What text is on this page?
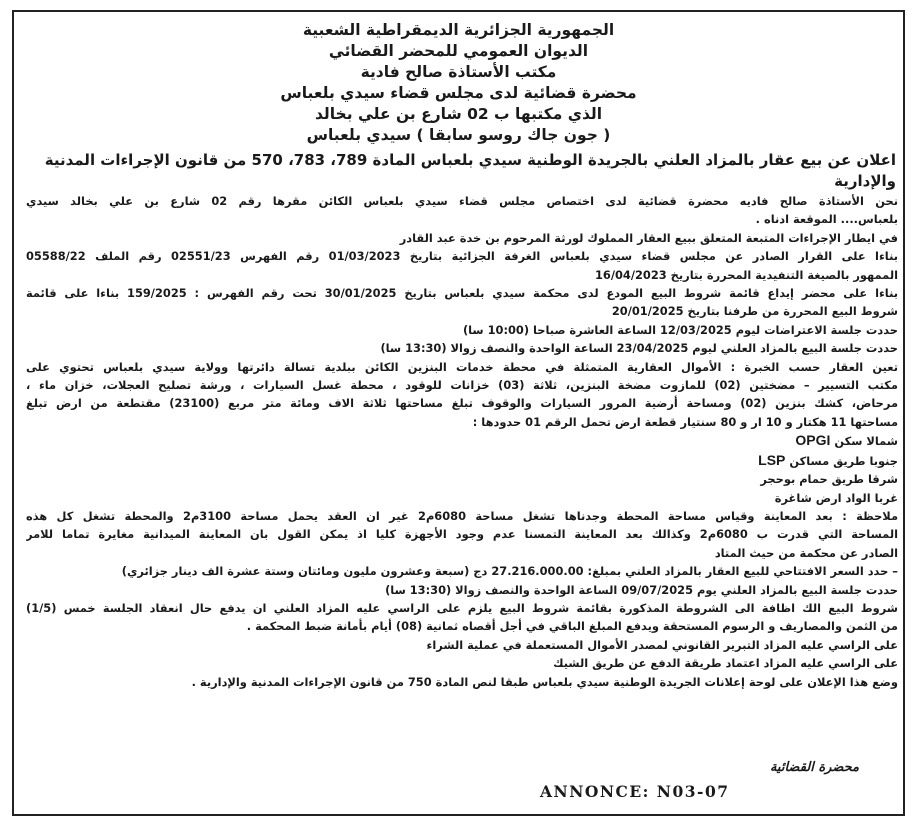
الجمهورية الجزائرية الديمقراطية الشعبية
الديوان العمومي للمحضر القضائي
مكتب الأستاذة صالح فادية
محضرة قضائية لدى مجلس قضاء سيدي بلعباس
الذي مكتبها ب 02 شارع بن علي بخالد
( جون جاك روسو سابقا ) سيدي بلعباس
اعلان عن بيع عقار بالمزاد العلني بالجريدة الوطنية سيدي بلعباس المادة 789، 783، 570 من قانون الإجراءات المدنية والإدارية
نحن الأستاذة صالح فاديه محضرة قضائية لدى اختصاص مجلس قضاء سيدي بلعباس الكائن مقرها رقم 02 شارع بن علي بخالد سيدي
بلعباس.... الموقعة ادناه .
في ايطار الإجراءات المتبعة المتعلق ببيع العقار المملوك لورثة المرحوم بن خدة عبد القادر
بناءا على القرار الصادر عن مجلس قضاء سيدي بلعباس الغرفة الجزائية بتاريخ 01/03/2023 رقم الفهرس 02551/23 رقم الملف 05588/22
الممهور بالصيغة التنفيدية المحررة بتاريخ 16/04/2023
بناءا على محضر إيداع قائمة شروط البيع المودع لدى محكمة سيدي بلعباس بتاريخ 30/01/2025 تحت رقم الفهرس : 159/2025 بناءا على قائمة
شروط البيع المحررة من طرفنا بتاريخ 20/01/2025
حددت جلسة الاعتراضات ليوم 12/03/2025 الساعة العاشرة صباحا (10:00 سا)
حددت جلسة البيع بالمزاد العلني ليوم 23/04/2025 الساعة الواحدة والنصف زوالا (13:30 سا)
تعين العقار حسب الخبرة : الأموال العقارية المتمثلة في محطة خدمات البنزين الكائن ببلدية تسالة دائرتها وولاية سيدي بلعباس تحتوي على
مكتب التسيير – مضختين (02) للمازوت مضخة البنزين، ثلاثة (03) خزانات للوقود ، محطة غسل السيارات ، ورشة تصليح العجلات، خزان ماء ،
مرحاض، كشك بنزين (02) ومساحة أرضية المرور السيارات والوقوف تبلغ مساحتها ثلاثة الاف ومائة متر مربع (23100) مقتطعة من ارض تبلغ
مساحتها 11 هكتار و 10 ار و 80 سنتيار قطعة ارض تحمل الرقم 01 حدودها :
شمالا سكن OPGI
جنوبا طريق مساكن LSP
شرقا طريق حمام بوحجر
غربا الواد ارض شاغرة
ملاحظة : بعد المعاينة وقياس مساحة المحطة وجدناها تشغل مساحة 6080م2 غير ان العقد يحمل مساحة 3100م2 والمحطة تشغل كل هذه
المساحة التي قدرت ب 6080م2 وكذالك بعد المعاينة التمسنا عدم وجود الأجهزة كليا اذ يمكن القول بان المعاينة الميدانية مغايرة تماما للامر
الصادر عن محكمة من حيث المتاد
– حدد السعر الافتتاحي للبيع العقار بالمزاد العلني بمبلغ: 27.216.000.00 دج (سبعة وعشرون مليون ومائتان وستة عشرة الف دينار جزائري)
حددت جلسة البيع بالمزاد العلني يوم 09/07/2025 الساعة الواحدة والنصف زوالا (13:30 سا)
شروط البيع الك اظافة الى الشروطة المذكورة بقائمة شروط البيع يلزم على الراسي عليه المزاد العلني ان يدفع حال انعقاد الجلسة خمس (1/5)
من الثمن والمصاريف و الرسوم المستحقة ويدفع المبلغ الباقي في أجل أقصاه ثمانية (08) أيام بأمانة ضبط المحكمة .
على الراسي عليه المزاد التبرير القانوني لمصدر الأموال المستعملة في عملية الشراء
على الراسي عليه المزاد اعتماد طريقة الدفع عن طريق الشيك
وضع هذا الإعلان على لوحة إعلانات الجريدة الوطنية سيدي بلعباس طبقا لنص المادة 750 من قانون الإجراءات المدنية والإدارية .
محضرة القضائية
ANNONCE: N03-07
